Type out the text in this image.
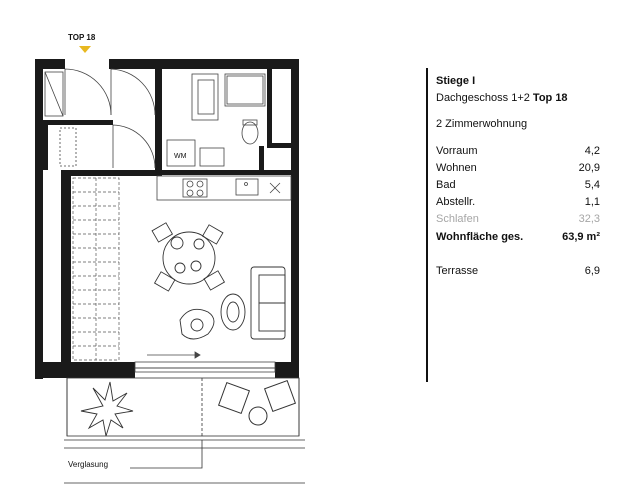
WM
TOP 18
Verglasung
Stiege I
Dachgeschoss 1+2 Top 18
2 Zimmerwohnung
Vorraum	4,2
Wohnen	20,9
Bad	5,4
Abstellr.	1,1
Schlafen	32,3
Wohnfläche ges.	63,9 m²
Terrasse	6,9
